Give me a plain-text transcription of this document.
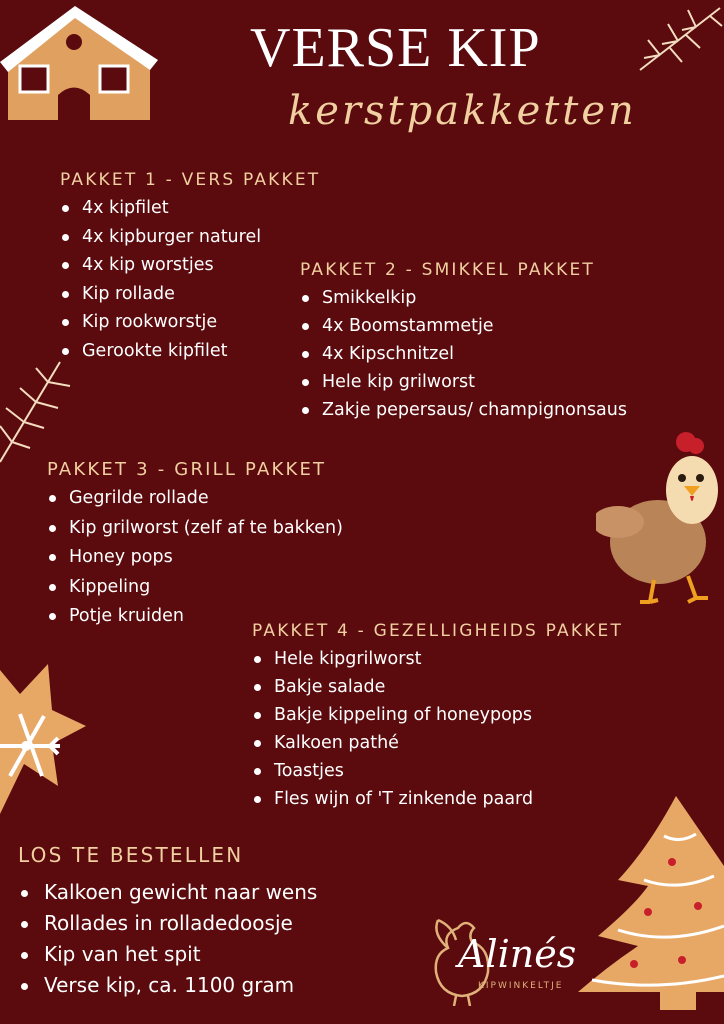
VERSE KIP
kerstpakketten
PAKKET 1 - VERS PAKKET
4x kipfilet
4x kipburger naturel
4x kip worstjes
Kip rollade
Kip rookworstje
Gerookte kipfilet
PAKKET 2 - SMIKKEL PAKKET
Smikkelkip
4x Boomstammetje
4x Kipschnitzel
Hele kip grilworst
Zakje pepersaus/ champignonsaus
PAKKET 3 - GRILL PAKKET
Gegrilde rollade
Kip grilworst (zelf af te bakken)
Honey pops
Kippeling
Potje kruiden
PAKKET 4 - GEZELLIGHEIDS PAKKET
Hele kipgrilworst
Bakje salade
Bakje kippeling of honeypops
Kalkoen pathé
Toastjes
Fles wijn of 'T zinkende paard
LOS TE BESTELLEN
Kalkoen gewicht naar wens
Rollades in rolladedoosje
Kip van het spit
Verse kip, ca. 1100 gram
Alinés
KIPWINKELTJE
